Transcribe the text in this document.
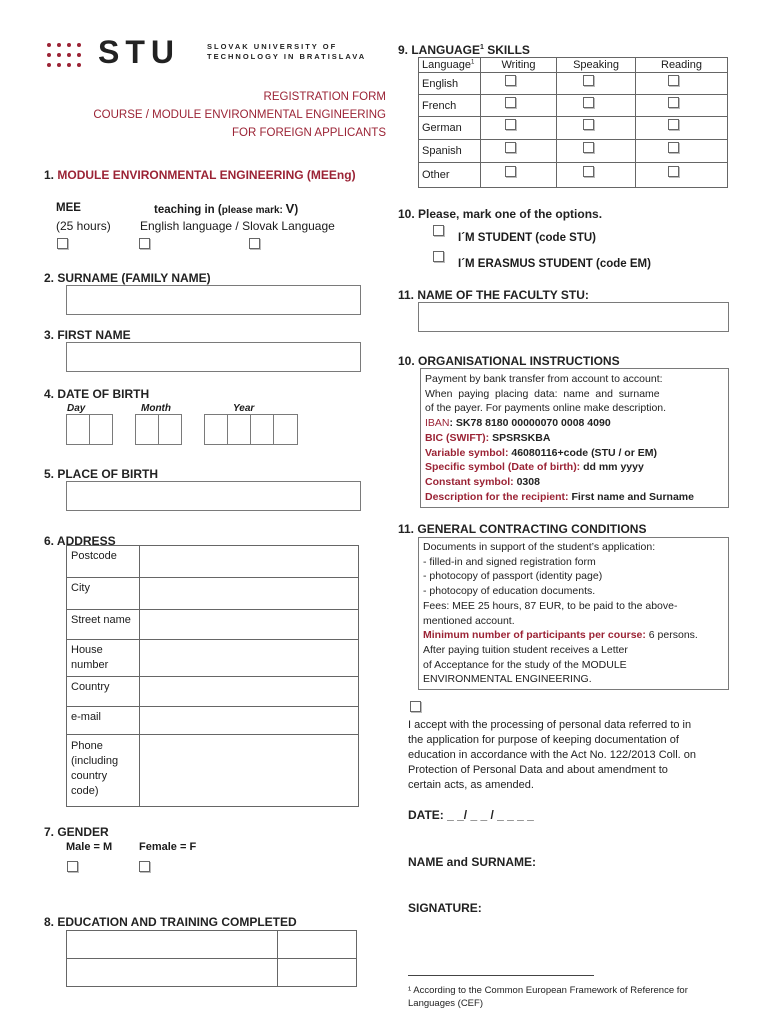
STU	SLOVAK UNIVERSITY OF
TECHNOLOGY IN BRATISLAVA
REGISTRATION FORM
COURSE / MODULE ENVIRONMENTAL ENGINEERING
FOR FOREIGN APPLICANTS
1. MODULE ENVIRONMENTAL ENGINEERING (MEEng)
MEE	teaching in (please mark: V)
(25 hours) English language / Slovak Language
2. SURNAME (FAMILY NAME)
3. FIRST NAME
4. DATE OF BIRTH
Day	Month	Year
5. PLACE OF BIRTH
6. ADDRESS
Postcode	
City	
Street name	
House number	
Country	
e-mail	
Phone (including country code)	
7. GENDER
Male = M Female = F
8. EDUCATION AND TRAINING COMPLETED

9. LANGUAGE$^1$ SKILLS
Language$^1$	Writing	Speaking	Reading
English			
French			
German			
Spanish			
Other			
10. Please, mark one of the options.
I´M STUDENT (code STU)
I´M ERASMUS STUDENT (code EM)
11. NAME OF THE FACULTY STU:
10. ORGANISATIONAL INSTRUCTIONS
Payment by bank transfer from account to account:
When  paying  placing  data:  name  and  surname
of the payer. For payments online make description.
IBAN: SK78 8180 00000070 0008 4090
BIC (SWIFT): SPSRSKBA
Variable symbol: 46080116+code (STU / or EM)
Specific symbol (Date of birth): dd mm yyyy
Constant symbol: 0308
Description for the recipient: First name and Surname
11. GENERAL CONTRACTING CONDITIONS
Documents in support of the student’s application:
- filled-in and signed registration form
- photocopy of passport (identity page)
- photocopy of education documents.
Fees: MEE 25 hours, 87 EUR, to be paid to the above-
mentioned account.
Minimum number of participants per course: 6 persons.
After paying tuition student receives a Letter
of Acceptance for the study of the MODULE
ENVIRONMENTAL ENGINEERING.
I accept with the processing of personal data referred to in
the application for purpose of keeping documentation of
education in accordance with the Act No. 122/2013 Coll. on
Protection of Personal Data and about amendment to
certain acts, as amended.
DATE: _ _/ _ _ / _ _ _ _
NAME and SURNAME:
SIGNATURE:
¹ According to the Common European Framework of Reference for
Languages (CEF)
